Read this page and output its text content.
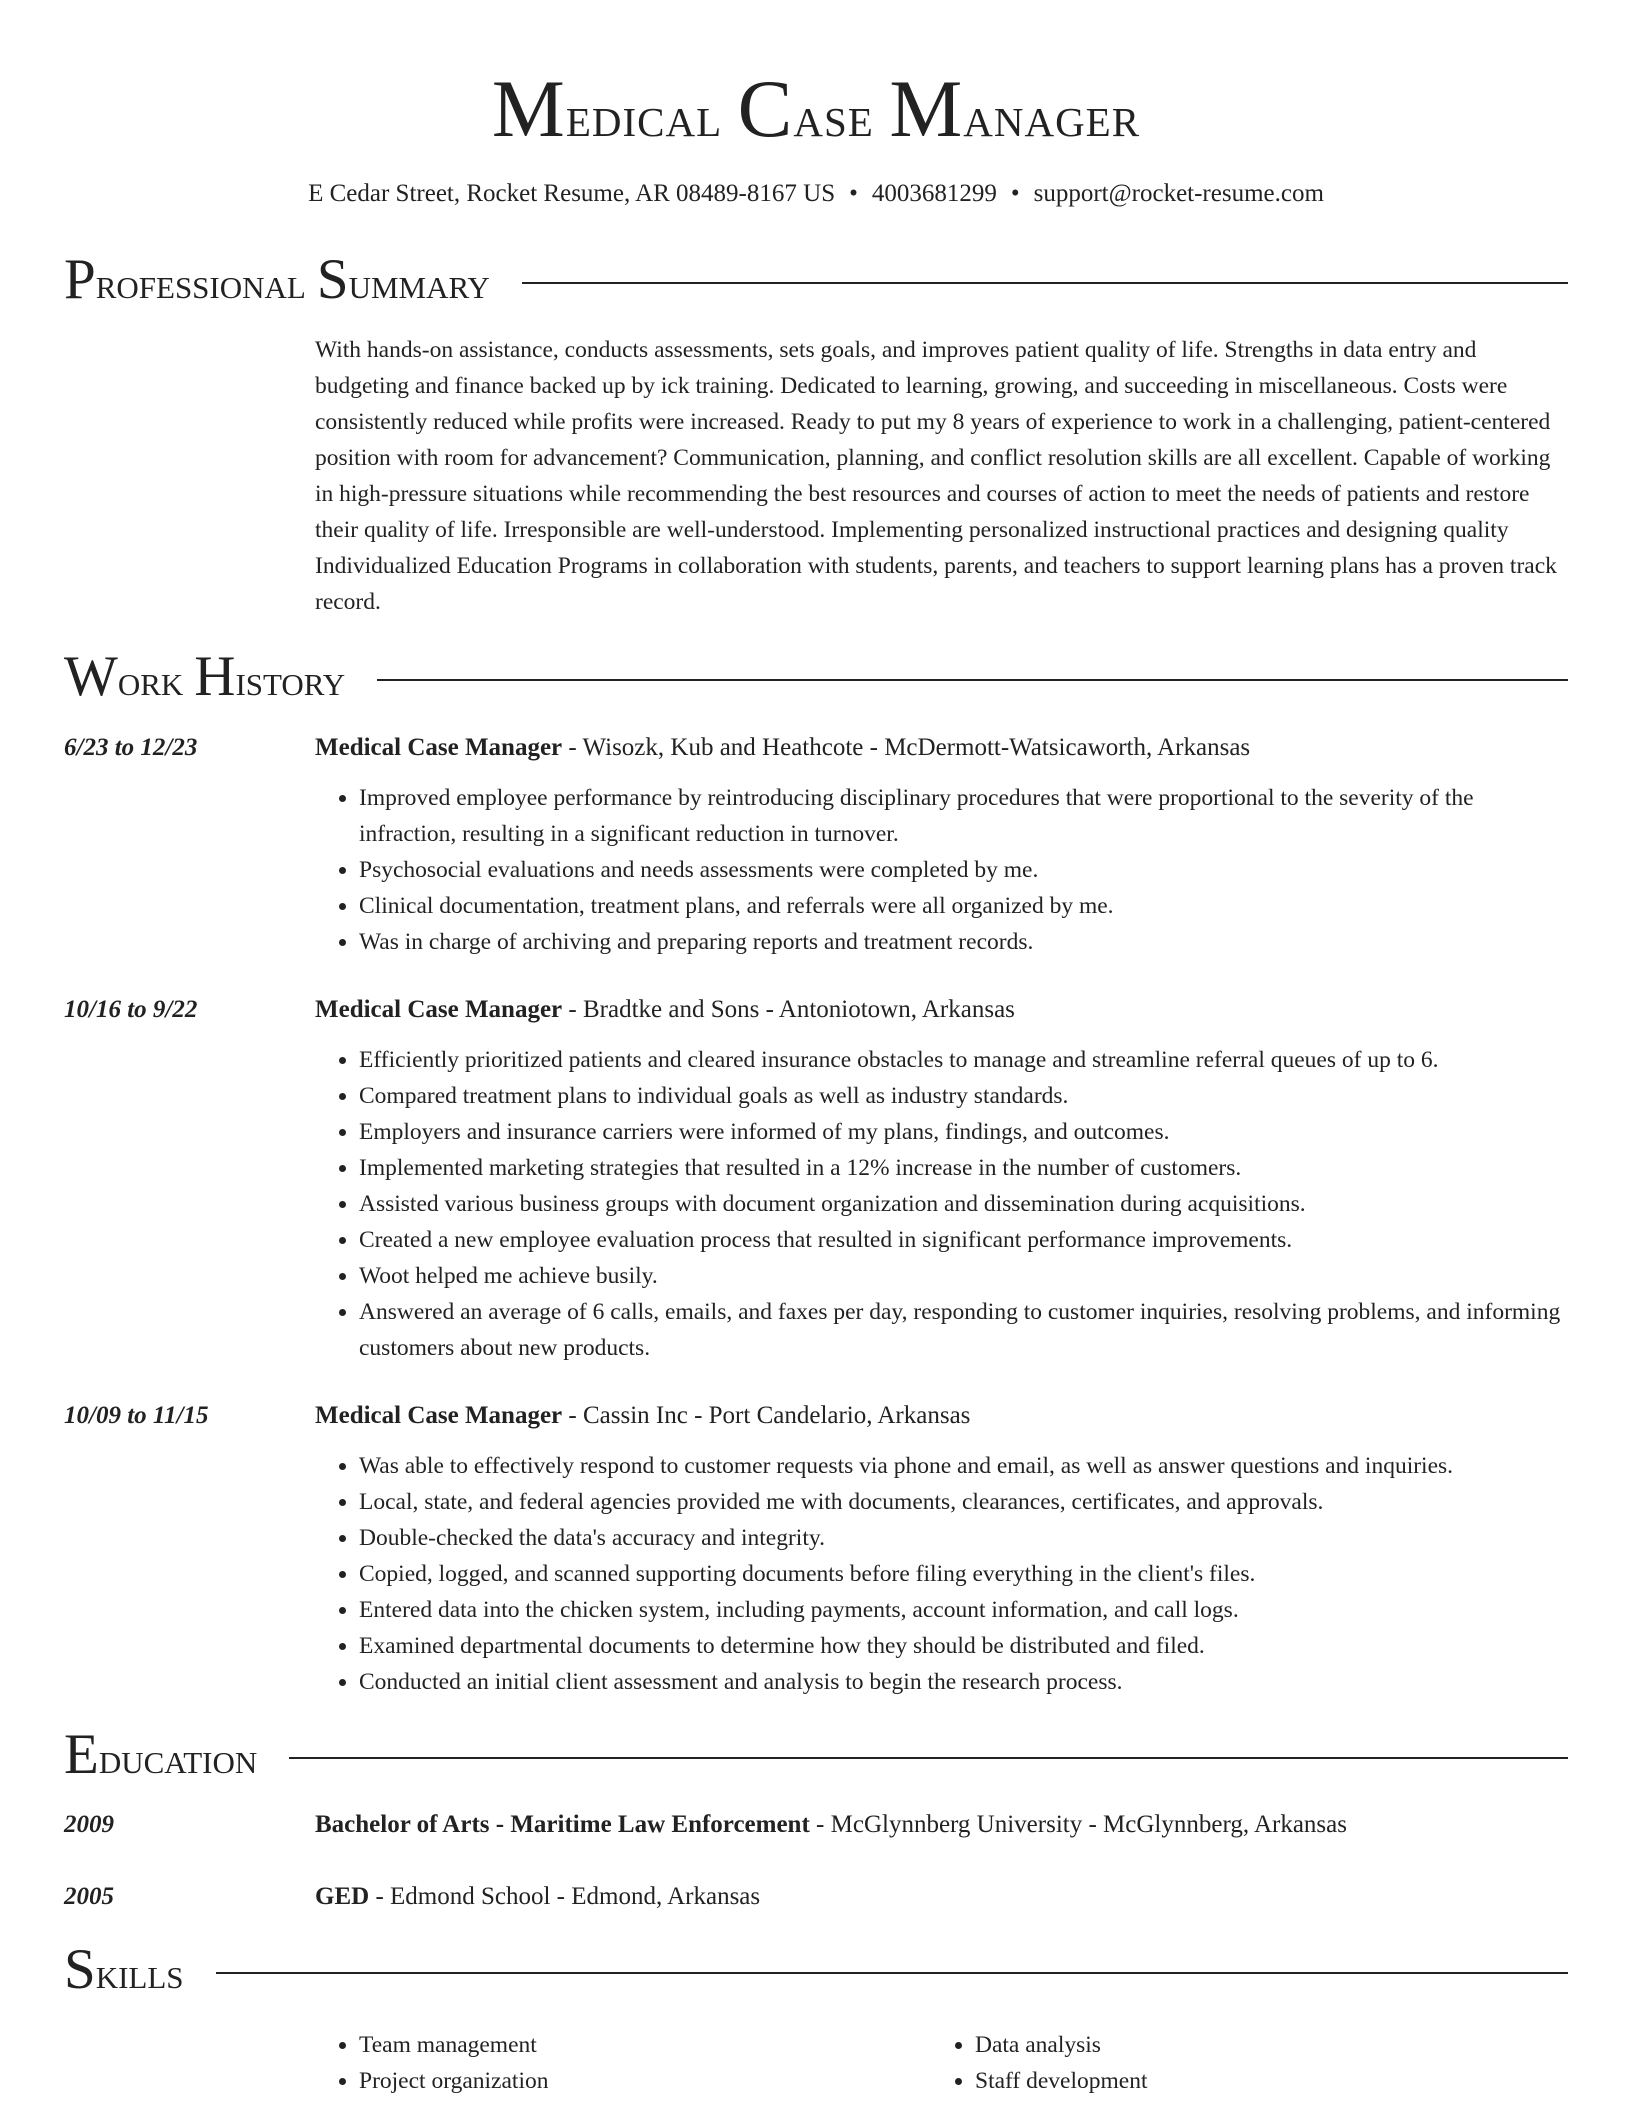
Medical Case Manager
E Cedar Street, Rocket Resume, AR 08489-8167 US • 4003681299 • support@rocket-resume.com
Professional Summary
With hands-on assistance, conducts assessments, sets goals, and improves patient quality of life. Strengths in data entry and budgeting and finance backed up by ick training. Dedicated to learning, growing, and succeeding in miscellaneous. Costs were consistently reduced while profits were increased. Ready to put my 8 years of experience to work in a challenging, patient-centered position with room for advancement? Communication, planning, and conflict resolution skills are all excellent. Capable of working in high-pressure situations while recommending the best resources and courses of action to meet the needs of patients and restore their quality of life. Irresponsible are well-understood. Implementing personalized instructional practices and designing quality Individualized Education Programs in collaboration with students, parents, and teachers to support learning plans has a proven track record.
Work History
6/23 to 12/23	Medical Case Manager - Wisozk, Kub and Heathcote - McDermott-Watsicaworth, Arkansas
• Improved employee performance by reintroducing disciplinary procedures that were proportional to the severity of the infraction, resulting in a significant reduction in turnover.
• Psychosocial evaluations and needs assessments were completed by me.
• Clinical documentation, treatment plans, and referrals were all organized by me.
• Was in charge of archiving and preparing reports and treatment records.
10/16 to 9/22	Medical Case Manager - Bradtke and Sons - Antoniotown, Arkansas
• Efficiently prioritized patients and cleared insurance obstacles to manage and streamline referral queues of up to 6.
• Compared treatment plans to individual goals as well as industry standards.
• Employers and insurance carriers were informed of my plans, findings, and outcomes.
• Implemented marketing strategies that resulted in a 12% increase in the number of customers.
• Assisted various business groups with document organization and dissemination during acquisitions.
• Created a new employee evaluation process that resulted in significant performance improvements.
• Woot helped me achieve busily.
• Answered an average of 6 calls, emails, and faxes per day, responding to customer inquiries, resolving problems, and informing customers about new products.
10/09 to 11/15	Medical Case Manager - Cassin Inc - Port Candelario, Arkansas
• Was able to effectively respond to customer requests via phone and email, as well as answer questions and inquiries.
• Local, state, and federal agencies provided me with documents, clearances, certificates, and approvals.
• Double-checked the data's accuracy and integrity.
• Copied, logged, and scanned supporting documents before filing everything in the client's files.
• Entered data into the chicken system, including payments, account information, and call logs.
• Examined departmental documents to determine how they should be distributed and filed.
• Conducted an initial client assessment and analysis to begin the research process.
Education
2009	Bachelor of Arts - Maritime Law Enforcement - McGlynnberg University - McGlynnberg, Arkansas
2005	GED - Edmond School - Edmond, Arkansas
Skills
• Team management
• Project organization
• Data analysis
• Staff development
